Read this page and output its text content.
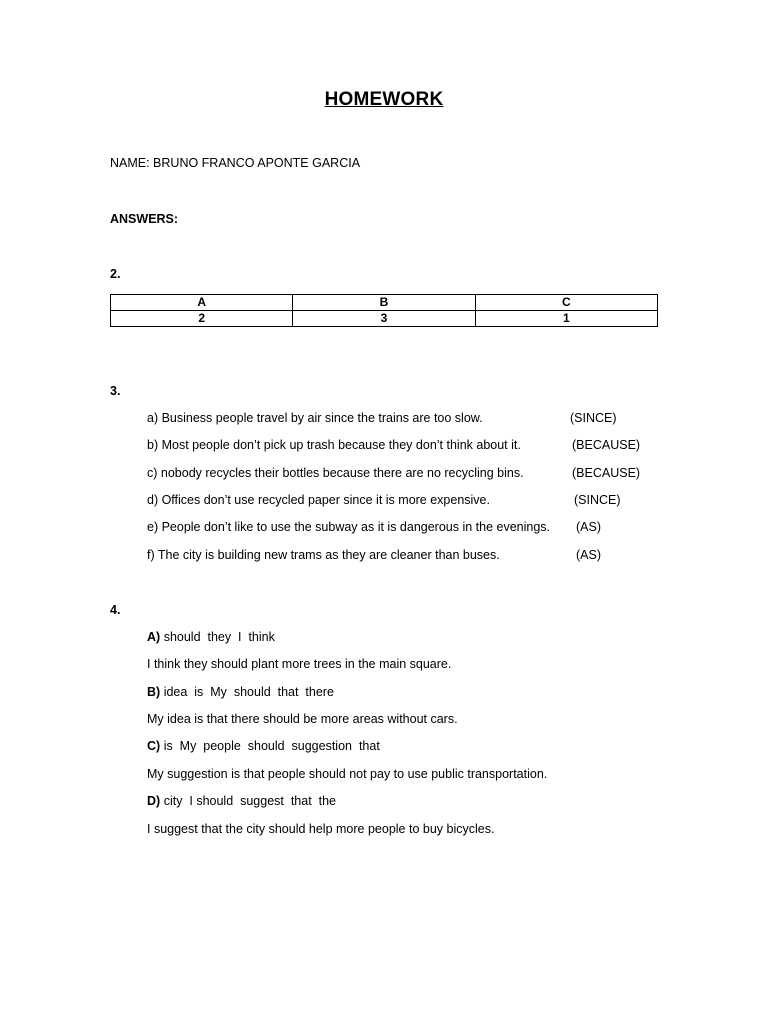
HOMEWORK
NAME: BRUNO FRANCO APONTE GARCIA
ANSWERS:
2.
A	B	C
2	3	1
3.
a) Business people travel by air since the trains are too slow.	(SINCE)
b) Most people don’t pick up trash because they don’t think about it.	(BECAUSE)
c) nobody recycles their bottles because there are no recycling bins.	(BECAUSE)
d) Offices don’t use recycled paper since it is more expensive.	(SINCE)
e) People don’t like to use the subway as it is dangerous in the evenings. (AS)
f) The city is building new trams as they are cleaner than buses.	(AS)
4.
A) should  they  I  think
I think they should plant more trees in the main square.
B) idea  is  My  should  that  there
My idea is that there should be more areas without cars.
C) is  My  people  should  suggestion  that
My suggestion is that people should not pay to use public transportation.
D) city  I should  suggest  that  the
I suggest that the city should help more people to buy bicycles.
